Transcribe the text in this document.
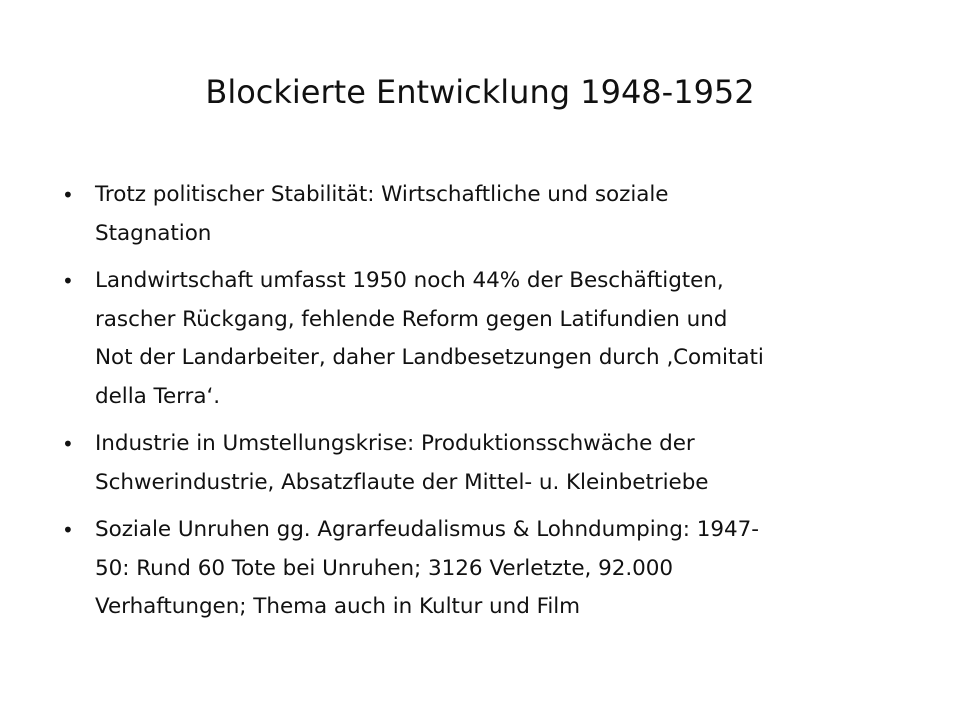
Blockierte Entwicklung 1948-1952
• Trotz politischer Stabilität: Wirtschaftliche und soziale
Stagnation
• Landwirtschaft umfasst 1950 noch 44% der Beschäftigten,
rascher Rückgang, fehlende Reform gegen Latifundien und
Not der Landarbeiter, daher Landbesetzungen durch ‚Comitati
della Terra‘.
• Industrie in Umstellungskrise: Produktionsschwäche der
Schwerindustrie, Absatzflaute der Mittel- u. Kleinbetriebe
• Soziale Unruhen gg. Agrarfeudalismus & Lohndumping: 1947-
50: Rund 60 Tote bei Unruhen; 3126 Verletzte, 92.000
Verhaftungen; Thema auch in Kultur und Film
